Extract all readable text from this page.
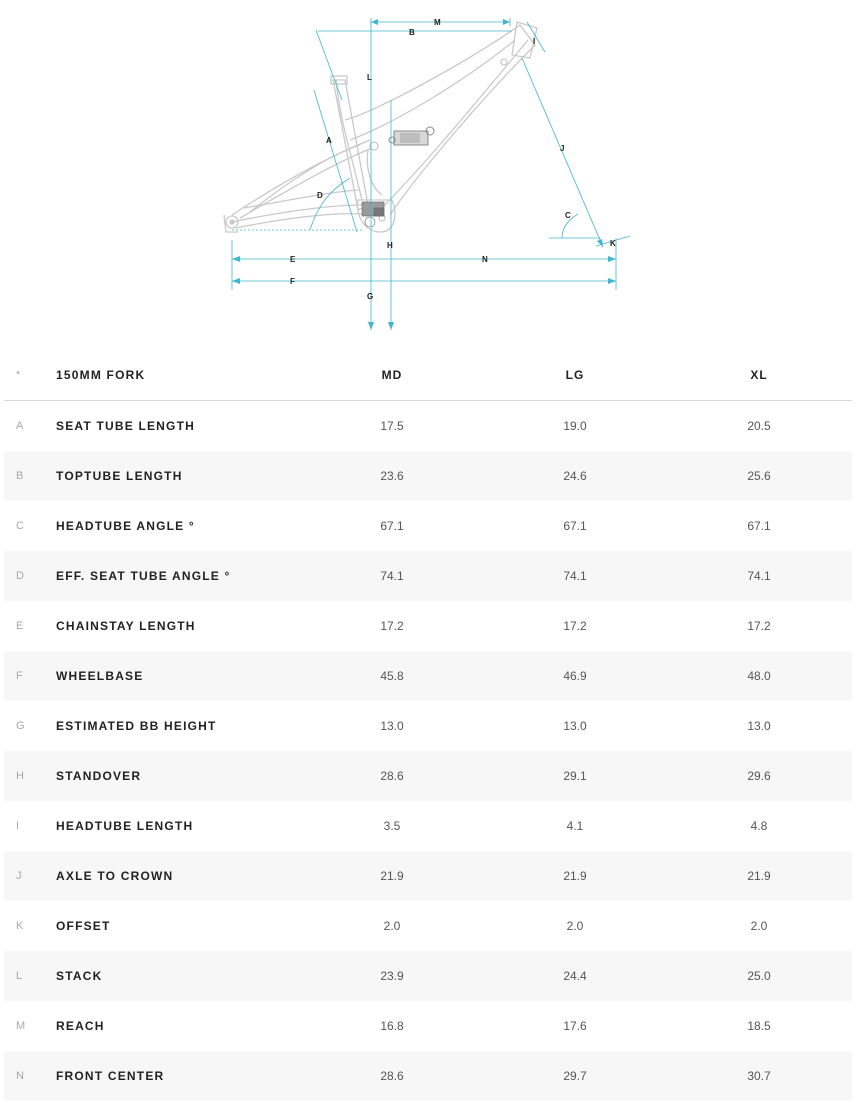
M
B
L
I
A
J
D
C
H	K
E	N
F
G
*	150MM FORK	MD	LG	XL
A	SEAT TUBE LENGTH	17.5	19.0	20.5
B	TOPTUBE LENGTH	23.6	24.6	25.6
C	HEADTUBE ANGLE °	67.1	67.1	67.1
D	EFF. SEAT TUBE ANGLE °	74.1	74.1	74.1
E	CHAINSTAY LENGTH	17.2	17.2	17.2
F	WHEELBASE	45.8	46.9	48.0
G	ESTIMATED BB HEIGHT	13.0	13.0	13.0
H	STANDOVER	28.6	29.1	29.6
I	HEADTUBE LENGTH	3.5	4.1	4.8
J	AXLE TO CROWN	21.9	21.9	21.9
K	OFFSET	2.0	2.0	2.0
L	STACK	23.9	24.4	25.0
M	REACH	16.8	17.6	18.5
N	FRONT CENTER	28.6	29.7	30.7
